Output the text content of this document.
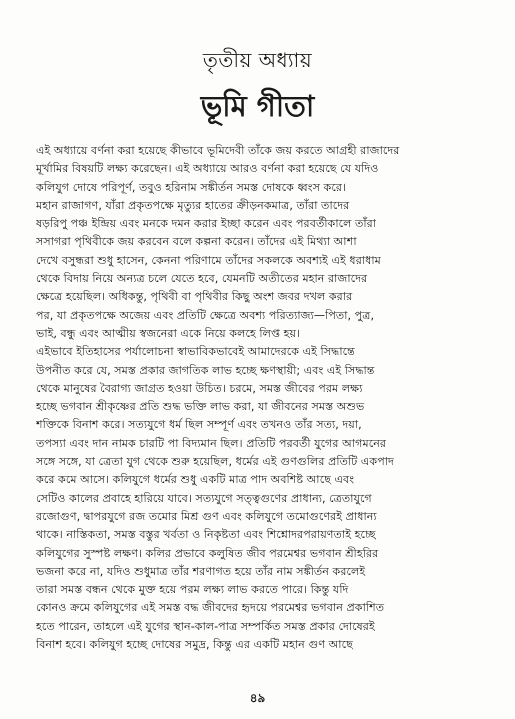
তৃতীয় অধ্যায়
ভূমি গীতা
এই অধ্যায়ে বর্ণনা করা হয়েছে কীভাবে ভূমিদেবী তাঁকে জয় করতে আগ্রহী রাজাদের
মূর্খামির বিষয়টি লক্ষ্য করেছেন। এই অধ্যায়ে আরও বর্ণনা করা হয়েছে যে যদিও
কলিযুগ দোষে পরিপূর্ণ, তবুও হরিনাম সঙ্কীর্তন সমস্ত দোষকে ধ্বংস করে।
মহান রাজাগণ, যাঁরা প্রকৃতপক্ষে মৃত্যুর হাতের ক্রীড়নকমাত্র, তাঁরা তাদের
ষড়রিপু পঞ্চ ইন্দ্রিয় এবং মনকে দমন করার ইচ্ছা করেন এবং পরবর্তীকালে তাঁরা
সসাগরা পৃথিবীকে জয় করবেন বলে কল্পনা করেন। তাঁদের এই মিথ্যা আশা
দেখে বসুন্ধরা শুধু হাসেন, কেননা পরিণামে তাঁদের সকলকে অবশ্যই এই ধরাধাম
থেকে বিদায় নিয়ে অন্যত্র চলে যেতে হবে, যেমনটি অতীতের মহান রাজাদের
ক্ষেত্রে হয়েছিল। অধিকন্তু, পৃথিবী বা পৃথিবীর কিছু অংশ জবর দখল করার
পর, যা প্রকৃতপক্ষে অজেয় এবং প্রতিটি ক্ষেত্রে অবশ্য পরিত্যাজ্য—পিতা, পুত্র,
ভাই, বন্ধু এবং আত্মীয় স্বজনেরা একে নিয়ে কলহে লিপ্ত হয়।
এইভাবে ইতিহাসের পর্যালোচনা স্বাভাবিকভাবেই আমাদেরকে এই সিদ্ধান্তে
উপনীত করে যে, সমস্ত প্রকার জাগতিক লাভ হচ্ছে ক্ষণস্থায়ী; এবং এই সিদ্ধান্ত
থেকে মানুষের বৈরাগ্য জাগ্রত হওয়া উচিত। চরমে, সমস্ত জীবের পরম লক্ষ্য
হচ্ছে ভগবান শ্রীকৃষ্ণের প্রতি শুদ্ধ ভক্তি লাভ করা, যা জীবনের সমস্ত অশুভ
শক্তিকে বিনাশ করে। সত্যযুগে ধর্ম ছিল সম্পূর্ণ এবং তখনও তাঁর সত্য, দয়া,
তপস্যা এবং দান নামক চারটি পা বিদ্যমান ছিল। প্রতিটি পরবর্তী যুগের আগমনের
সঙ্গে সঙ্গে, যা ত্রেতা যুগ থেকে শুরু হয়েছিল, ধর্মের এই গুণগুলির প্রতিটি একপাদ
করে কমে আসে। কলিযুগে ধর্মের শুধু একটি মাত্র পাদ অবশিষ্ট আছে এবং
সেটিও কালের প্রবাহে হারিয়ে যাবে। সত্যযুগে সত্ত্বগুণের প্রাধান্য, ত্রেতাযুগে
রজোগুণ, দ্বাপরযুগে রজ তমোর মিশ্র গুণ এবং কলিযুগে তমোগুণেরই প্রাধান্য
থাকে। নাস্তিকতা, সমস্ত বস্তুর খর্বতা ও নিকৃষ্টতা এবং শিশ্নোদরপরায়ণতাই হচ্ছে
কলিযুগের সুস্পষ্ট লক্ষণ। কলির প্রভাবে কলুষিত জীব পরমেশ্বর ভগবান শ্রীহরির
ভজনা করে না, যদিও শুধুমাত্র তাঁর শরণাগত হয়ে তাঁর নাম সঙ্কীর্তন করলেই
তারা সমস্ত বন্ধন থেকে মুক্ত হয়ে পরম লক্ষ্য লাভ করতে পারে। কিন্তু যদি
কোনও ক্রমে কলিযুগের এই সমস্ত বদ্ধ জীবদের হৃদয়ে পরমেশ্বর ভগবান প্রকাশিত
হতে পারেন, তাহলে এই যুগের স্থান-কাল-পাত্র সম্পর্কিত সমস্ত প্রকার দোষেরই
বিনাশ হবে। কলিযুগ হচ্ছে দোষের সমুদ্র, কিন্তু এর একটি মহান গুণ আছে
৪৯
